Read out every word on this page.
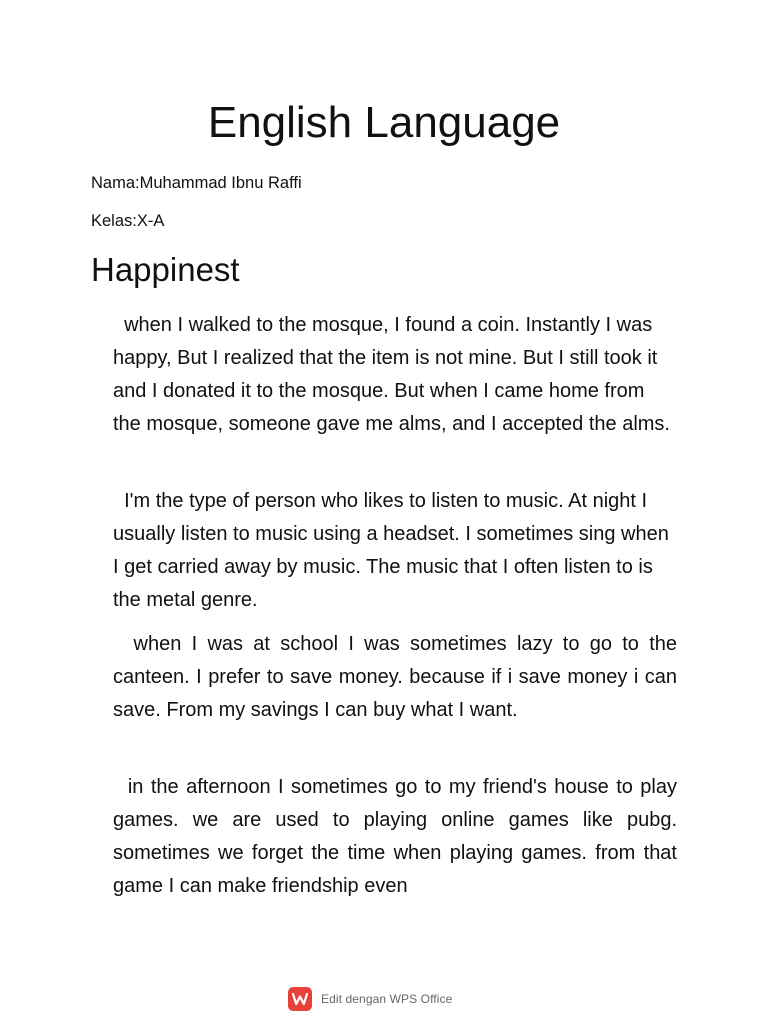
English Language

Nama:Muhammad Ibnu Raffi

Kelas:X-A

Happinest

when I walked to the mosque, I found a coin. Instantly I was happy, But I realized that the item is not mine. But I still took it and I donated it to the mosque. But when I came home from the mosque, someone gave me alms, and I accepted the alms.

I'm the type of person who likes to listen to music. At night I usually listen to music using a headset. I sometimes sing when I get carried away by music. The music that I often listen to is the metal genre.

when I was at school I was sometimes lazy to go to the canteen. I prefer to save money. because if i save money i can save. From my savings I can buy what I want.

in the afternoon I sometimes go to my friend's house to play games. we are used to playing online games like pubg. sometimes we forget the time when playing games. from that game I can make friendship even

Edit dengan WPS Office
